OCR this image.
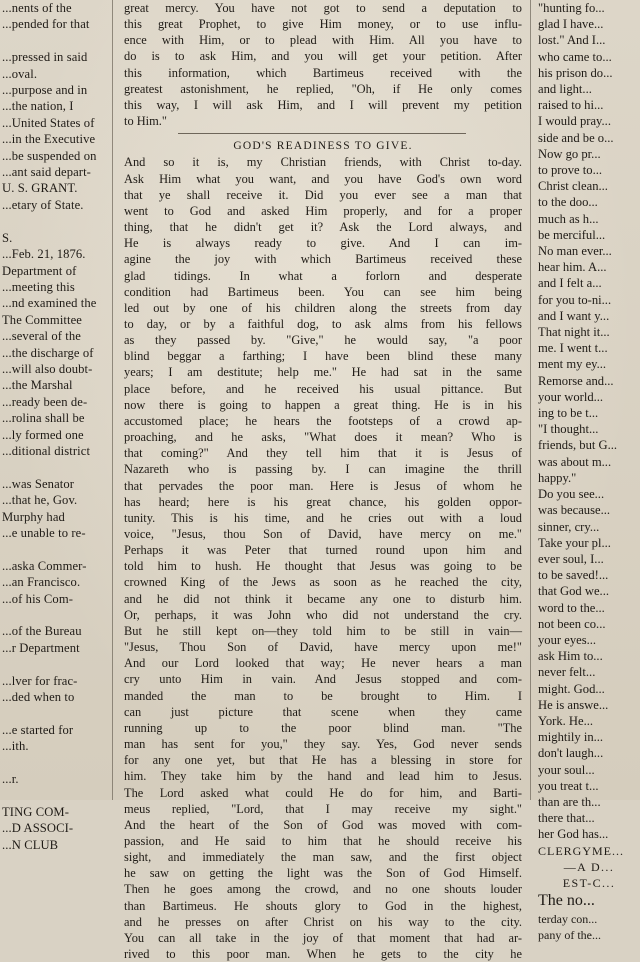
...nents of the
...pended for that

...pressed in said
...oval.
...purpose and in
...the nation, I
...United States of
...in the Executive
...be suspended on
...ant said depart-
U. S. GRANT.
...etary of State.

S.
...Feb. 21, 1876.
Department of
...meeting this
...nd examined the
The Committee
...several of the
...the discharge of
...will also doubt-
...the Marshal
...ready been de-
...rolina shall be
...ly formed one
...ditional district

...was Senator
...that he, Gov.
Murphy had
...e unable to re-

...aska Commer-
...an Francisco.
...of his Com-

...of the Bureau
...r Department

...lver for frac-
...ded when to

...e started for
...ith.

...r.

TING COM-
...D ASSOCI-
...N CLUB
great mercy. You have not got to send a deputation to
this great Prophet, to give Him money, or to use influ-
ence with Him, or to plead with Him. All you have to
do is to ask Him, and you will get your petition. After
this information, which Bartimeus received with the
greatest astonishment, he replied, "Oh, if He only comes
this way, I will ask Him, and I will prevent my petition
to Him."
GOD'S READINESS TO GIVE.
And so it is, my Christian friends, with Christ to-day.
Ask Him what you want, and you have God's own word
that ye shall receive it. Did you ever see a man that
went to God and asked Him properly, and for a proper
thing, that he didn't get it? Ask the Lord always, and
He is always ready to give. And I can im-
agine the joy with which Bartimeus received these
glad tidings. In what a forlorn and desperate
condition had Bartimeus been. You can see him being
led out by one of his children along the streets from day
to day, or by a faithful dog, to ask alms from his fellows
as they passed by. "Give," he would say, "a poor
blind beggar a farthing; I have been blind these many
years; I am destitute; help me." He had sat in the same
place before, and he received his usual pittance. But
now there is going to happen a great thing. He is in his
accustomed place; he hears the footsteps of a crowd ap-
proaching, and he asks, "What does it mean? Who is
that coming?" And they tell him that it is Jesus of
Nazareth who is passing by. I can imagine the thrill
that pervades the poor man. Here is Jesus of whom he
has heard; here is his great chance, his golden oppor-
tunity. This is his time, and he cries out with a loud
voice, "Jesus, thou Son of David, have mercy on me."
Perhaps it was Peter that turned round upon him and
told him to hush. He thought that Jesus was going to be
crowned King of the Jews as soon as he reached the city,
and he did not think it became any one to disturb him.
Or, perhaps, it was John who did not understand the cry.
But he still kept on—they told him to be still in vain—
"Jesus, Thou Son of David, have mercy upon me!"
And our Lord looked that way; He never hears a man
cry unto Him in vain. And Jesus stopped and com-
manded the man to be brought to Him. I
can just picture that scene when they came
running up to the poor blind man. "The
man has sent for you," they say. Yes, God never sends
for any one yet, but that He has a blessing in store for
him. They take him by the hand and lead him to Jesus.
The Lord asked what could He do for him, and Barti-
meus replied, "Lord, that I may receive my sight."
And the heart of the Son of God was moved with com-
passion, and He said to him that he should receive his
sight, and immediately the man saw, and the first object
he saw on getting the light was the Son of God Himself.
Then he goes among the crowd, and no one shouts louder
than Bartimeus. He shouts glory to God in the highest,
and he presses on after Christ on his way to the city.
You can all take in the joy of that moment that had ar-
rived to this poor man. When he gets to the city he
"hunting fo...
glad I have...
lost." And I...
who came to...
his prison do...
and light...
raised to hi...
I would pray...
side and be o...
Now go pr...
to prove to...
Christ clean...
to the doo...
much as h...
be merciful...
No man ever...
hear him. A...
and I felt a...
for you to-ni...
and I want y...
That night it...
me. I went t...
ment my ey...
Remorse and...
your world...
ing to be t...
"I thought...
friends, but G...
was about m...
happy."
Do you see...
was because...
sinner, cry...
Take your pl...
ever soul, I...
to be saved!...
that God we...
word to the...
not been co...
your eyes...
ask Him to...
never felt...
might. God...
He is answe...
York. He...
mightily in...
don't laugh...
your soul...
you treat t...
than are th...
there that...
her God has...
CLERGYME...
—A D...
EST-C...
The no...
terday con...
pany of the...
